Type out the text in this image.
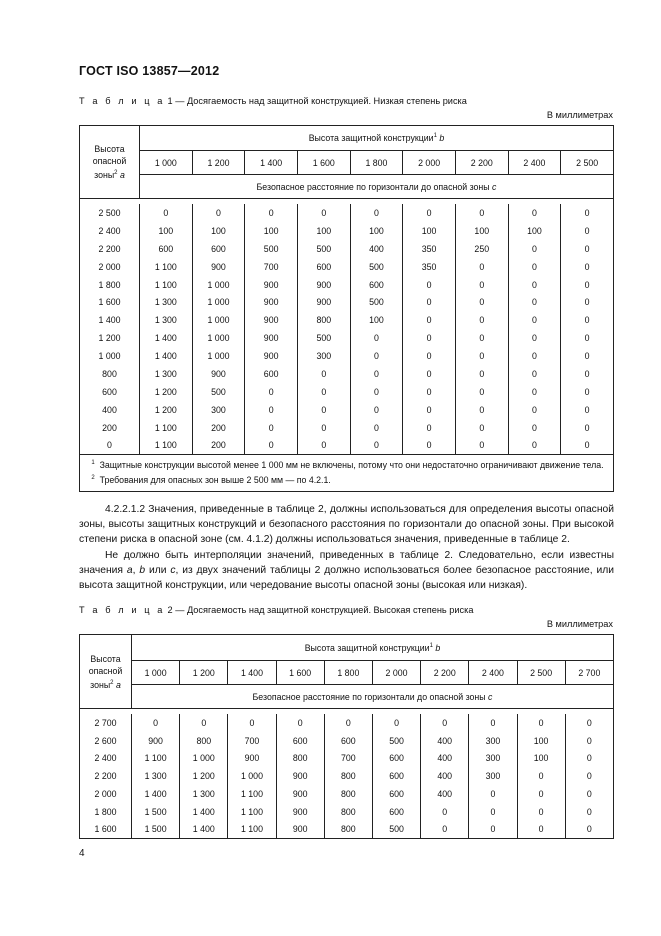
ГОСТ ISO 13857—2012
Т а б л и ц а 1 — Досягаемость над защитной конструкцией. Низкая степень риска
В миллиметрах
Высота
опасной
зоны$^2$ a	Высота защитной конструкции$^1$ b								
	1 000	1 200	1 400	1 600	1 800	2 000	2 200	2 400	2 500
	Безопасное расстояние по горизонтали до опасной зоны c								

2 500	0	0	0	0	0	0	0	0	0
2 400	100	100	100	100	100	100	100	100	0
2 200	600	600	500	500	400	350	250	0	0
2 000	1 100	900	700	600	500	350	0	0	0
1 800	1 100	1 000	900	900	600	0	0	0	0
1 600	1 300	1 000	900	900	500	0	0	0	0
1 400	1 300	1 000	900	800	100	0	0	0	0
1 200	1 400	1 000	900	500	0	0	0	0	0
1 000	1 400	1 000	900	300	0	0	0	0	0
800	1 300	900	600	0	0	0	0	0	0
600	1 200	500	0	0	0	0	0	0	0
400	1 200	300	0	0	0	0	0	0	0
200	1 100	200	0	0	0	0	0	0	0
0	1 100	200	0	0	0	0	0	0	0

$^1$ Защитные конструкции высотой менее 1 000 мм не включены, потому что они недостаточно ограничивают движение тела.
$^2$ Требования для опасных зон выше 2 500 мм — по 4.2.1.									

4.2.2.1.2 Значения, приведенные в таблице 2, должны использоваться для определения высоты опасной зоны, высоты защитных конструкций и безопасного расстояния по горизонтали до опасной зоны. При высокой степени риска в опасной зоне (см. 4.1.2) должны использоваться значения, приведенные в таблице 2.

Не должно быть интерполяции значений, приведенных в таблице 2. Следовательно, если известны значения а, b или c, из двух значений таблицы 2 должно использоваться более безопасное расстояние, или высота защитной конструкции, или чередование высоты опасной зоны (высокая или низкая).

Т а б л и ц а 2 — Досягаемость над защитной конструкцией. Высокая степень риска
В миллиметрах
Высота
опасной
зоны$^2$ a	Высота защитной конструкции$^1$ b									
	1 000	1 200	1 400	1 600	1 800	2 000	2 200	2 400	2 500	2 700
	Безопасное расстояние по горизонтали до опасной зоны c									

2 700	0	0	0	0	0	0	0	0	0	0
2 600	900	800	700	600	600	500	400	300	100	0
2 400	1 100	1 000	900	800	700	600	400	300	100	0
2 200	1 300	1 200	1 000	900	800	600	400	300	0	0
2 000	1 400	1 300	1 100	900	800	600	400	0	0	0
1 800	1 500	1 400	1 100	900	800	600	0	0	0	0
1 600	1 500	1 400	1 100	900	800	500	0	0	0	0
4
